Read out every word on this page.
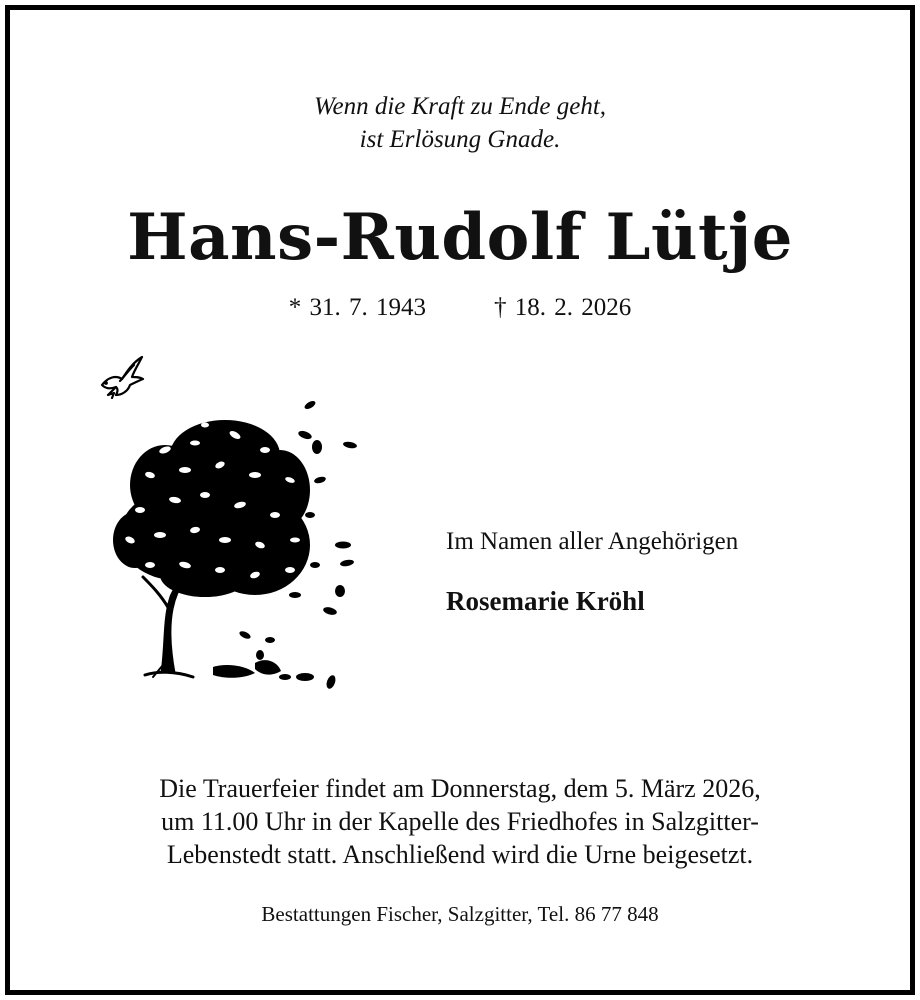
Wenn die Kraft zu Ende geht,
ist Erlösung Gnade.
Hans-Rudolf Lütje
* 31. 7. 1943	† 18. 2. 2026
Im Namen aller Angehörigen
Rosemarie Kröhl
Die Trauerfeier findet am Donnerstag, dem 5. März 2026,
um 11.00 Uhr in der Kapelle des Friedhofes in Salzgitter-
Lebenstedt statt. Anschließend wird die Urne beigesetzt.
Bestattungen Fischer, Salzgitter, Tel. 86 77 848
